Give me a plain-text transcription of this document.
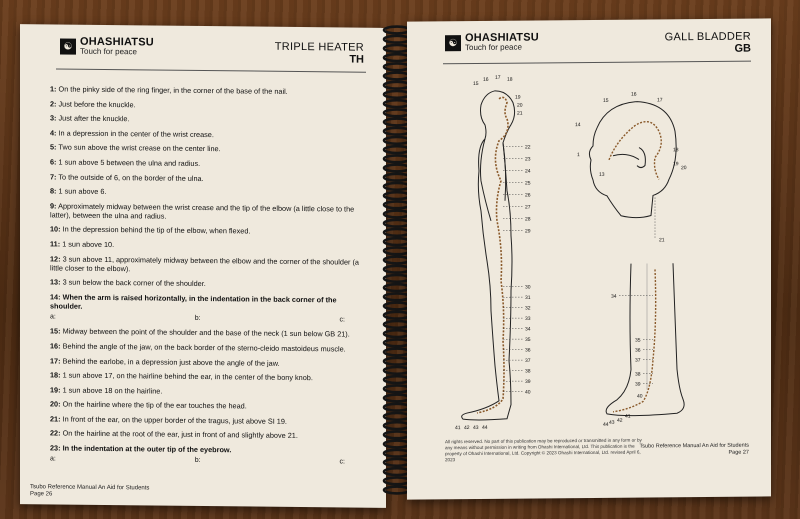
☯ OHASHIATSU
Touch for peace	TRIPLE HEATER
TH
1: On the pinky side of the ring finger, in the corner of the base of the nail.
2: Just before the knuckle.
3: Just after the knuckle.
4: In a depression in the center of the wrist crease.
5: Two sun above the wrist crease on the center line.
6: 1 sun above 5 between the ulna and radius.
7: To the outside of 6, on the border of the ulna.
8: 1 sun above 6.
9: Approximately midway between the wrist crease and the tip of the elbow (a little close to the latter), between the ulna and radius.
10: In the depression behind the tip of the elbow, when flexed.
11: 1 sun above 10.
12: 3 sun above 11, approximately midway between the elbow and the corner of the shoulder (a little closer to the elbow).
13: 3 sun below the back corner of the shoulder.
14: When the arm is raised horizontally, in the indentation in the back corner of the shoulder.
a:	b:	c:
15: Midway between the point of the shoulder and the base of the neck (1 sun below GB 21).
16: Behind the angle of the jaw, on the back border of the sterno-cleido mastoideus muscle.
17: Behind the earlobe, in a depression just above the angle of the jaw.
18: 1 sun above 17, on the hairline behind the ear, in the center of the bony knob.
19: 1 sun above 18 on the hairline.
20: On the hairline where the tip of the ear touches the head.
21: In front of the ear, on the upper border of the tragus, just above SI 19.
22: On the hairline at the root of the ear, just in front of and slightly above 21.
23: In the indentation at the outer tip of the eyebrow.
a:	b:	c:
Tsubo Reference Manual An Aid for Students
Page 26
☯ OHASHIATSU
Touch for peace
GALL BLADDER
GB
15
16 17 18
19
20
21
22
23
24
25
26
27
28
29
30
31
32
33
34
35
36
37
38
39
40
41 42 43 44
14
15
16
17
18
19
20
13
1
21
34
35
36
37
38
39
40
41
42
43
44
All rights reserved. No part of this publication may be reproduced or transmitted in any form or by any means without permission in writing from Ohashi International, Ltd. This publication is the property of Ohashi International, Ltd. Copyright © 2023 Ohashi International, Ltd. revised April 6, 2023
Tsubo Reference Manual An Aid for Students
Page 27
